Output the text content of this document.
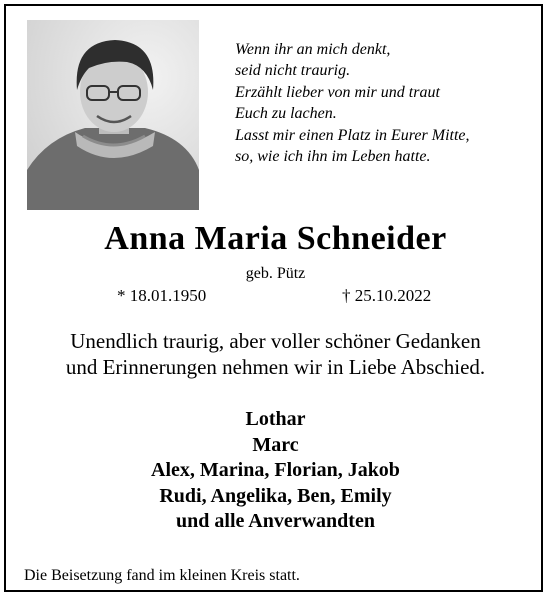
Wenn ihr an mich denkt,
seid nicht traurig.
Erzählt lieber von mir und traut
Euch zu lachen.
Lasst mir einen Platz in Eurer Mitte,
so, wie ich ihn im Leben hatte.
Anna Maria Schneider
geb. Pütz
* 18.01.1950	† 25.10.2022
Unendlich traurig, aber voller schöner Gedanken
und Erinnerungen nehmen wir in Liebe Abschied.
Lothar
Marc
Alex, Marina, Florian, Jakob
Rudi, Angelika, Ben, Emily
und alle Anverwandten
Die Beisetzung fand im kleinen Kreis statt.
